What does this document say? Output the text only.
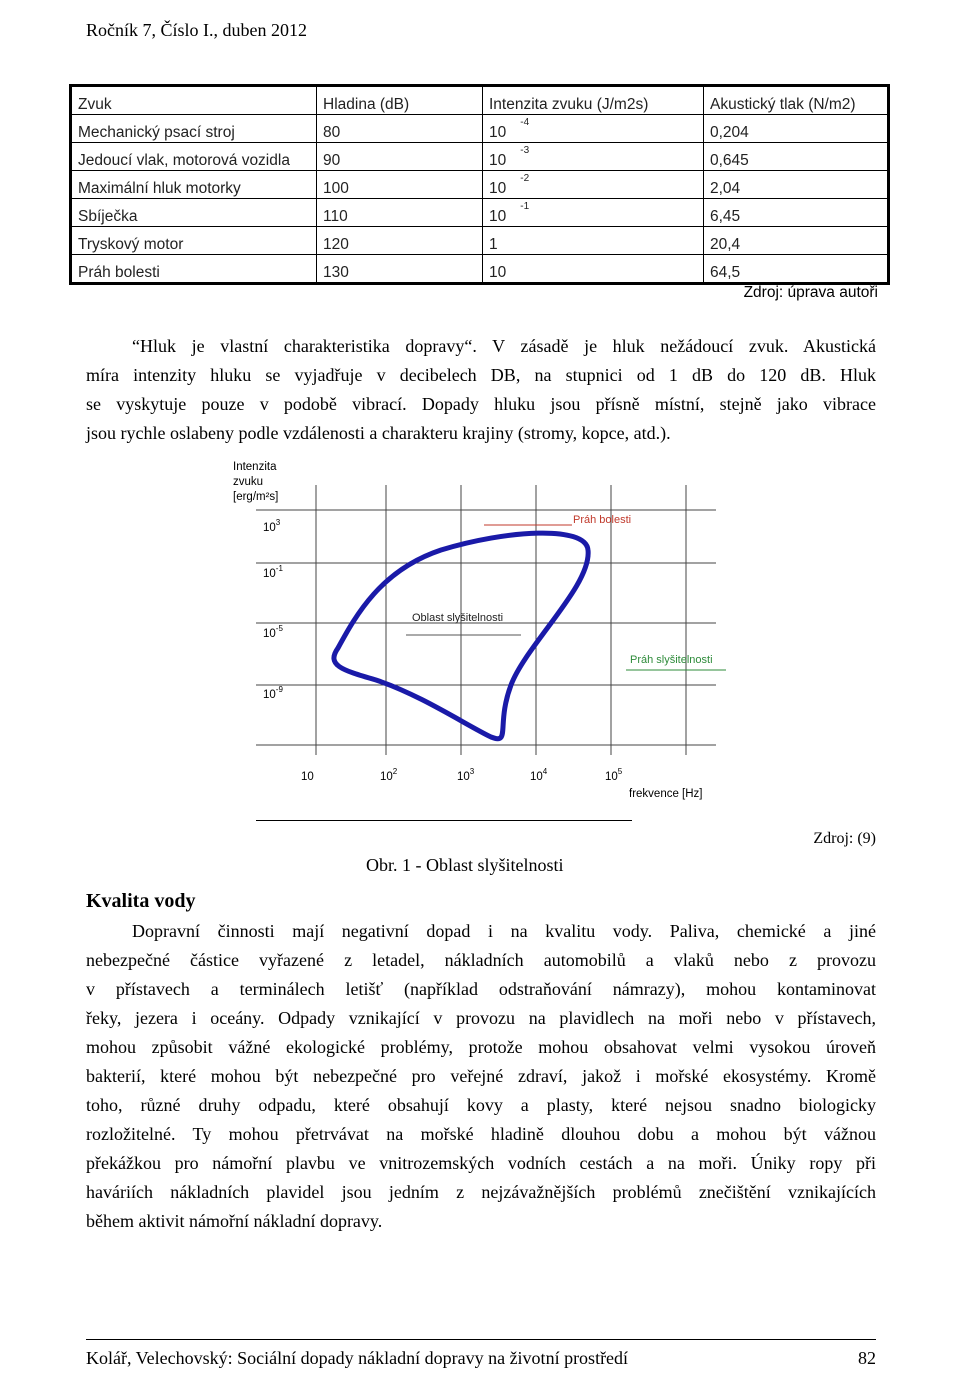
Ročník 7, Číslo I., duben 2012
Zvuk	Hladina (dB)	Intenzita zvuku (J/m2s)	Akustický tlak (N/m2)
Mechanický psací stroj	80	$10^{-4}$	0,204
Jedoucí vlak, motorová vozidla	90	$10^{-3}$	0,645
Maximální hluk motorky	100	$10^{-2}$	2,04
Sbíječka	110	$10^{-1}$	6,45
Tryskový motor	120	1	20,4
Práh bolesti	130	10	64,5
Zdroj: úprava autoři
“Hluk je vlastní charakteristika dopravy“. V zásadě je hluk nežádoucí zvuk. Akustická
míra intenzity hluku se vyjadřuje v decibelech DB, na stupnici od 1 dB do 120 dB. Hluk
se vyskytuje pouze v podobě vibrací. Dopady hluku jsou přísně místní, stejně jako vibrace
jsou rychle oslabeny podle vzdálenosti a charakteru krajiny (stromy, kopce, atd.).
Intenzita
zvuku
[erg/m²s]
$10^3$
$10^{-1}$
$10^{-5}$
$10^{-9}$
10	$10^2$	$10^3$	$10^4$	$10^5$
frekvence [Hz]
Práh bolesti
Oblast slyšitelnosti
Práh slyšitelnosti
Zdroj: (9)
Obr. 1 - Oblast slyšitelnosti
Kvalita vody
Dopravní činnosti mají negativní dopad i na kvalitu vody. Paliva, chemické a jiné
nebezpečné částice vyřazené z letadel, nákladních automobilů a vlaků nebo z provozu
v přístavech a terminálech letišť (například odstraňování námrazy), mohou kontaminovat
řeky, jezera i oceány. Odpady vznikající v provozu na plavidlech na moři nebo v přístavech,
mohou způsobit vážné ekologické problémy, protože mohou obsahovat velmi vysokou úroveň
bakterií, které mohou být nebezpečné pro veřejné zdraví, jakož i mořské ekosystémy. Kromě
toho, různé druhy odpadu, které obsahují kovy a plasty, které nejsou snadno biologicky
rozložitelné. Ty mohou přetrvávat na mořské hladině dlouhou dobu a mohou být vážnou
překážkou pro námořní plavbu ve vnitrozemských vodních cestách a na moři. Úniky ropy při
haváriích nákladních plavidel jsou jedním z nejzávažnějších problémů znečištění vznikajících
během aktivit námořní nákladní dopravy.
Kolář, Velechovský: Sociální dopady nákladní dopravy na životní prostředí	82
